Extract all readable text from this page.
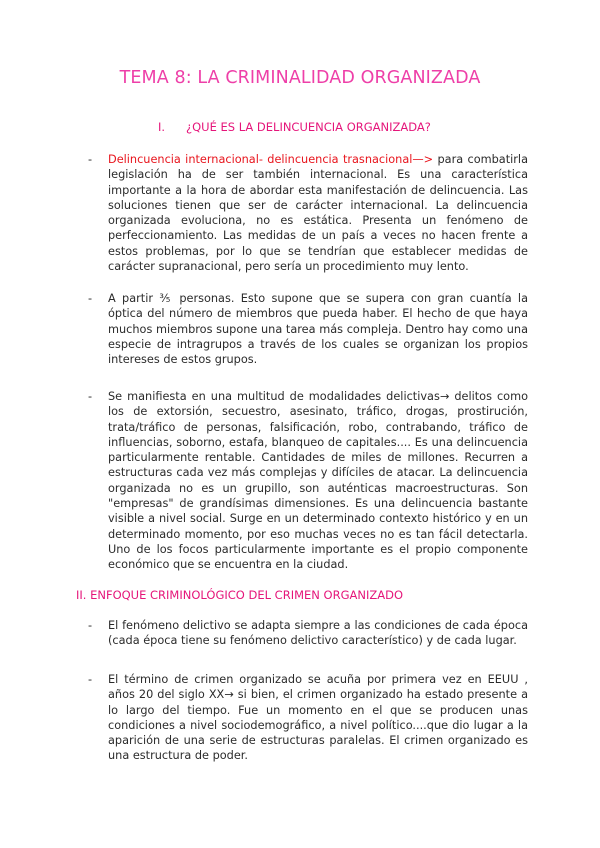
TEMA 8: LA CRIMINALIDAD ORGANIZADA
I. ¿QUÉ ES LA DELINCUENCIA ORGANIZADA?
- Delincuencia internacional- delincuencia trasnacional—> para combatirla legislación ha de ser también internacional. Es una característica importante a la hora de abordar esta manifestación de delincuencia. Las soluciones tienen que ser de carácter internacional. La delincuencia organizada evoluciona, no es estática. Presenta un fenómeno de perfeccionamiento. Las medidas de un país a veces no hacen frente a estos problemas, por lo que se tendrían que establecer medidas de carácter supranacional, pero sería un procedimiento muy lento.
- A partir ⅗ personas. Esto supone que se supera con gran cuantía la óptica del número de miembros que pueda haber. El hecho de que haya muchos miembros supone una tarea más compleja. Dentro hay como una especie de intragrupos a través de los cuales se organizan los propios intereses de estos grupos.
- Se manifiesta en una multitud de modalidades delictivas→ delitos como los de extorsión, secuestro, asesinato, tráfico, drogas, prostirución, trata/tráfico de personas, falsificación, robo, contrabando, tráfico de influencias, soborno, estafa, blanqueo de capitales.... Es una delincuencia particularmente rentable. Cantidades de miles de millones. Recurren a estructuras cada vez más complejas y difíciles de atacar. La delincuencia organizada no es un grupillo, son auténticas macroestructuras. Son "empresas" de grandísimas dimensiones. Es una delincuencia bastante visible a nivel social. Surge en un determinado contexto histórico y en un determinado momento, por eso muchas veces no es tan fácil detectarla. Uno de los focos particularmente importante es el propio componente económico que se encuentra en la ciudad.
II. ENFOQUE CRIMINOLÓGICO DEL CRIMEN ORGANIZADO
- El fenómeno delictivo se adapta siempre a las condiciones de cada época (cada época tiene su fenómeno delictivo característico) y de cada lugar.
- El término de crimen organizado se acuña por primera vez en EEUU , años 20 del siglo XX→ si bien, el crimen organizado ha estado presente a lo largo del tiempo. Fue un momento en el que se producen unas condiciones a nivel sociodemográfico, a nivel político....que dio lugar a la aparición de una serie de estructuras paralelas. El crimen organizado es una estructura de poder.
